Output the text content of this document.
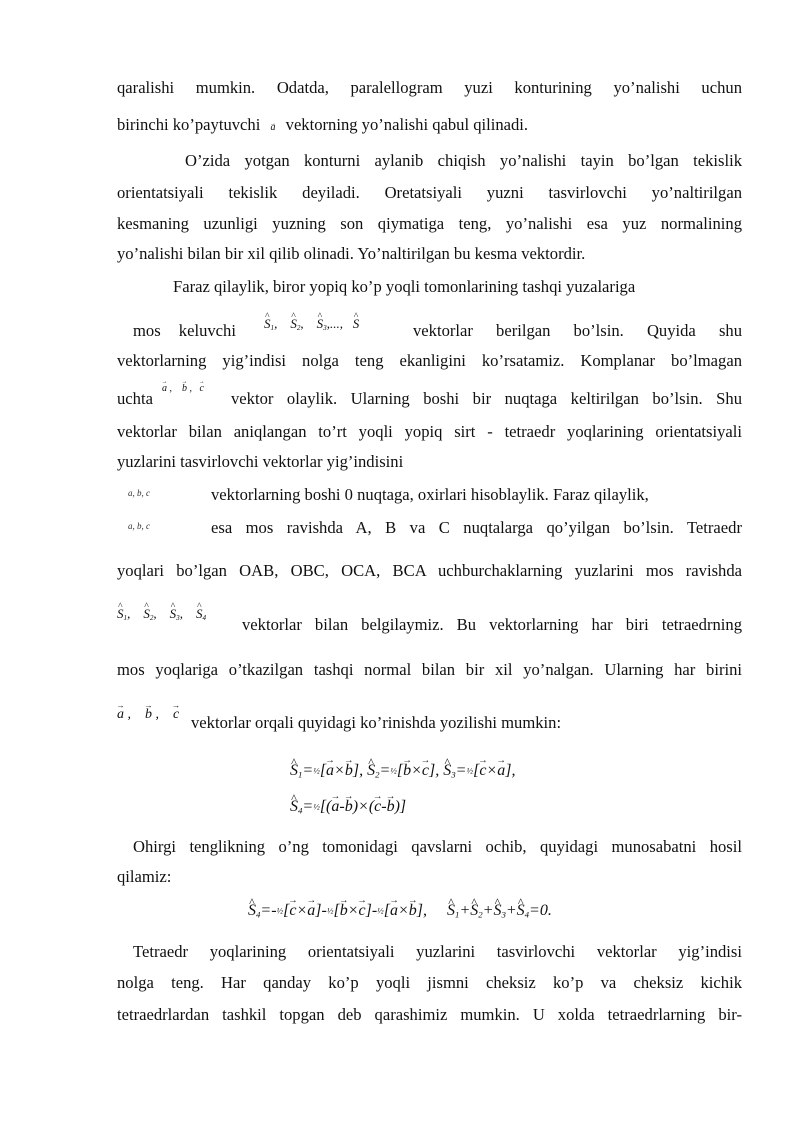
qaralishi mumkin. Odatda, paralellogram yuzi konturining yo’nalishi uchun
birinchi ko’paytuvchi → a vektorning yo’nalishi qabul qilinadi.
O’zida yotgan konturni aylanib chiqish yo’nalishi tayin bo’lgan tekislik
orientatsiyali tekislik deyiladi. Oretatsiyali yuzni tasvirlovchi yo’naltirilgan
kesmaning uzunligi yuzning son qiymatiga teng, yo’nalishi esa yuz normalining
yo’nalishi bilan bir xil qilib olinadi. Yo’naltirilgan bu kesma vektordir.
Faraz qilaylik, biror yopiq ko’p yoqli tomonlarining tashqi yuzalariga
mos keluvchi	^ $S_1$,    ^ $S_2$,    ^ $S_3$,..., ^ S	vektorlar berilgan bo’lsin. Quyida shu
vektorlarning yig’indisi nolga teng ekanligini ko’rsatamiz. Komplanar bo’lmagan
uchta
→ a ,    → b ,   → c
vektor olaylik. Ularning boshi bir nuqtaga keltirilgan bo’lsin. Shu
vektorlar bilan aniqlangan to’rt yoqli yopiq sirt - tetraedr yoqlarining orientatsiyali
yuzlarini tasvirlovchi vektorlar yig’indisini
a, b, c	vektorlarning boshi 0 nuqtaga, oxirlari hisoblaylik. Faraz qilaylik,
a, b, c	esa mos ravishda A, B va C nuqtalarga qo’yilgan bo’lsin. Tetraedr
yoqlari bo’lgan OAB, OBC, OCA, BCA uchburchaklarning yuzlarini mos ravishda
^ $S_1$,    ^ $S_2$,    ^ $S_3$,    ^ $S_4$ vektorlar bilan belgilaymiz. Bu vektorlarning har biri tetraedrning
mos yoqlariga o’tkazilgan tashqi normal bilan bir xil yo’nalgan. Ularning har birini
→ a ,    → b ,    → c vektorlar orqali quyidagi ko’rinishda yozilishi mumkin:
^ $S_1=\frac{1}{2}[\to a\times\to b]$, ^ $S_2=\frac{1}{2}[\to b\times\to c]$, ^ $S_3=\frac{1}{2}[\to c\times\to a]$,
^ $S_4=\frac{1}{2}[(\to a-\to b)\times(\to c-\to b)]$
Ohirgi tenglikning o’ng tomonidagi qavslarni ochib, quyidagi munosabatni hosil
qilamiz:
^ $S_4=-\frac{1}{2}[\to c\times\to$ a]-½[→ b×→ c]-½[→ a×→ b],     ^ $S_1+\^{}$ $S_2+\^{}$ $S_3+\^{}$ $S_4=0$.
Tetraedr yoqlarining orientatsiyali yuzlarini tasvirlovchi vektorlar yig’indisi
nolga teng. Har qanday ko’p yoqli jismni cheksiz ko’p va cheksiz kichik
tetraedrlardan tashkil topgan deb qarashimiz mumkin. U xolda tetraedrlarning bir-
